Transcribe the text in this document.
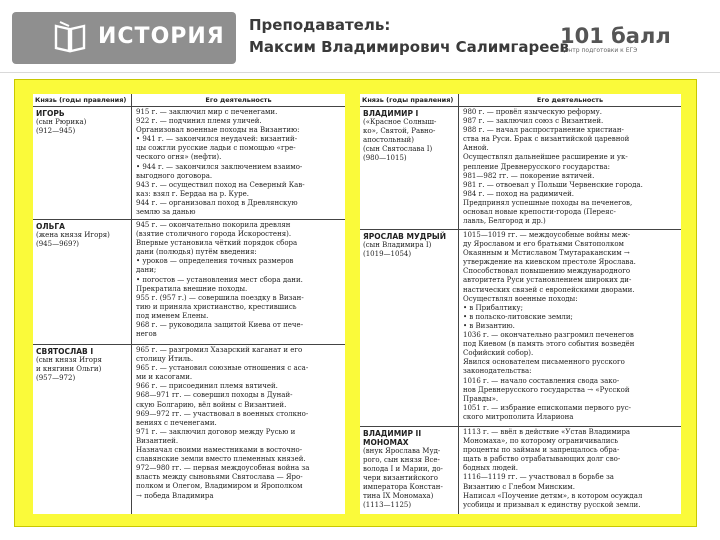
ИСТОРИЯ Преподаватель:
Максим Владимирович Салимгареев
101 балл
Центр подготовки к ЕГЭ
Князь (годы правления)	Его деятельность
ИГОРЬ
(сын Рюрика)
(912—945)
915 г. — заключил мир с печенегами.
922 г. — подчинил племя уличей.
Организовал военные походы на Византию:
• 941 г. — закончился неудачей: византий-
цы сожгли русские ладьи с помощью «гре-
ческого огня» (нефти).
• 944 г. — закончился заключением взаимо-
выгодного договора.
943 г. — осуществил поход на Северный Кав-
каз: взял г. Бердаа на р. Куре.
944 г. — организовал поход в Древлянскую
землю за данью
ОЛЬГА
(жена князя Игоря)
(945—969?)
945 г. — окончательно покорила древлян
(взятие столичного города Искоростеня).
Впервые установила чёткий порядок сбора
дани (полюдья) путём введения:
• уроков — определения точных размеров
дани;
• погостов — установления мест сбора дани.
Прекратила внешние походы.
955 г. (957 г.) — совершила поездку в Визан-
тию и приняла христианство, крестившись
под именем Елены.
968 г. — руководила защитой Киева от пече-
негов
СВЯТОСЛАВ I
(сын князя Игоря
и княгини Ольги)
(957—972)
965 г. — разгромил Хазарский каганат и его
столицу Итиль.
965 г. — установил союзные отношения с аса-
ми и касогами.
966 г. — присоединил племя вятичей.
968—971 гг. — совершил походы в Дунай-
скую Болгарию, вёл войны с Византией.
969—972 гг. — участвовал в военных столкно-
вениях с печенегами.
971 г. — заключил договор между Русью и
Византией.
Назначал своими наместниками в восточно-
славянские земли вместо племенных князей.
972—980 гг. — первая междоусобная война за
власть между сыновьями Святослава — Яро-
полком и Олегом, Владимиром и Ярополком
→ победа Владимира
Князь (годы правления)	Его деятельность
ВЛАДИМИР I
(«Красное Солныш-
ко», Святой, Равно-
апостольный)
(сын Святослава I)
(980—1015)
980 г. — провёл языческую реформу.
987 г. — заключил союз с Византией.
988 г. — начал распространение христиан-
ства на Руси. Брак с византийской царевной
Анной.
Осуществлял дальнейшее расширение и ук-
репление Древнерусского государства:
981—982 гг. — покорение вятичей.
981 г. — отвоевал у Польши Червенские города.
984 г. — поход на радимичей.
Предпринял успешные походы на печенегов,
основал новые крепости-города (Переяс-
лавль, Белгород и др.)
ЯРОСЛАВ МУДРЫЙ
(сын Владимира I)
(1019—1054)
1015—1019 гг. — междоусобные войны меж-
ду Ярославом и его братьями Святополком
Окаянным и Мстиславом Тмутараканским →
утверждение на киевском престоле Ярослава.
Способствовал повышению международного
авторитета Руси установлением широких ди-
настических связей с европейскими дворами.
Осуществлял военные походы:
• в Прибалтику;
• в польско-литовские земли;
• в Византию.
1036 г. — окончательно разгромил печенегов
под Киевом (в память этого события возведён
Софийский собор).
Явился основателем письменного русского
законодательства:
1016 г. — начало составления свода зако-
нов Древнерусского государства → «Русской
Правды».
1051 г. — избрание епископами первого рус-
ского митрополита Илариона
ВЛАДИМИР II МОНОМАХ
(внук Ярослава Муд-
рого, сын князя Все-
волода I и Марии, до-
чери византийского
императора Констан-
тина IX Мономаха)
(1113—1125)
1113 г. — ввёл в действие «Устав Владимира
Мономаха», по которому ограничивались
проценты по займам и запрещалось обра-
щать в рабство отрабатывающих долг сво-
бодных людей.
1116—1119 гг. — участвовал в борьбе за
Византию с Глебом Минским.
Написал «Поучение детям», в котором осуждал
усобицы и призывал к единству русской земли.
